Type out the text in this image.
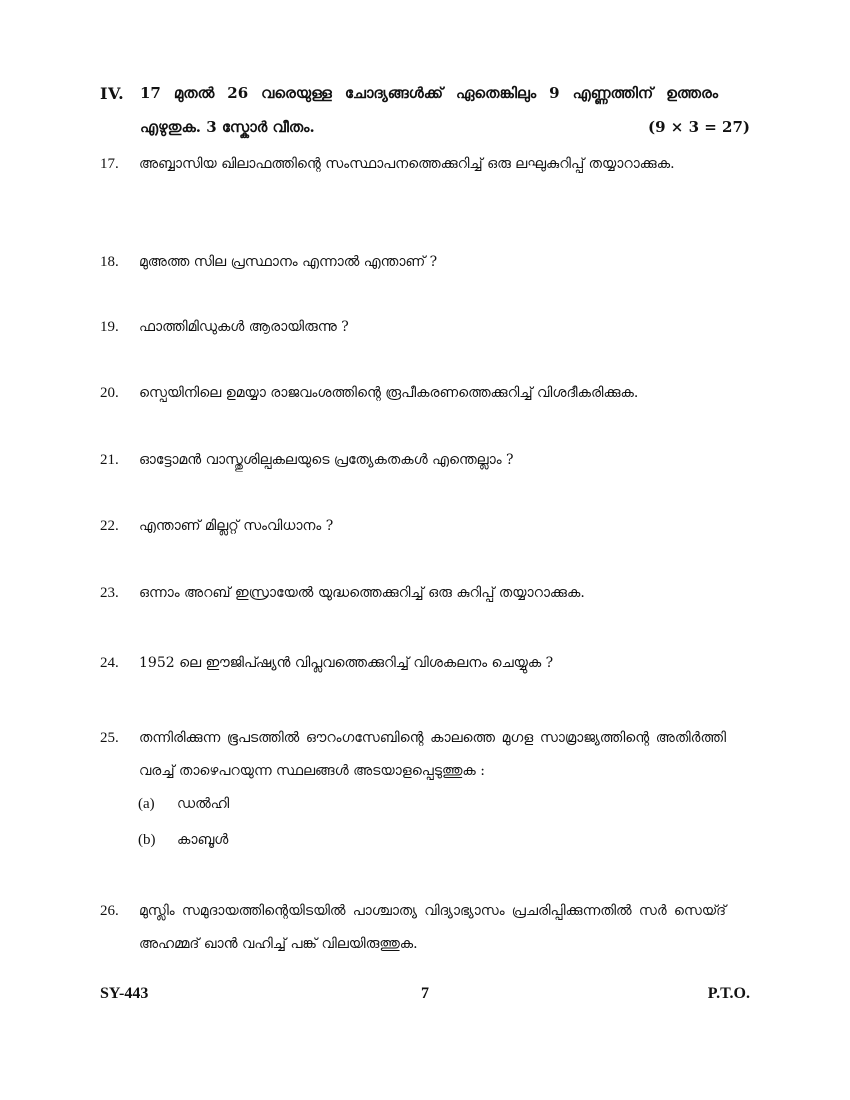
IV. 17 മുതൽ 26 വരെയുള്ള ചോദ്യങ്ങൾക്ക് ഏതെങ്കിലും 9 എണ്ണത്തിന് ഉത്തരം
എഴുതുക. 3 സ്കോർ വീതം.	(9 × 3 = 27)
17. അബ്ബാസിയ ഖിലാഫത്തിന്റെ സംസ്ഥാപനത്തെക്കുറിച്ച് ഒരു ലഘുകുറിപ്പ് തയ്യാറാക്കുക.
18. മുഅത്ത സില പ്രസ്ഥാനം എന്നാൽ എന്താണ് ?
19. ഫാത്തിമിഡുകൾ ആരായിരുന്നു ?
20. സ്പെയിനിലെ ഉമയ്യാ രാജവംശത്തിന്റെ രൂപീകരണത്തെക്കുറിച്ച് വിശദീകരിക്കുക.
21. ഓട്ടോമൻ വാസ്തുശില്പകലയുടെ പ്രത്യേകതകൾ എന്തെല്ലാം ?
22. എന്താണ് മില്ലറ്റ് സംവിധാനം ?
23. ഒന്നാം അറബ് ഇസ്രായേൽ യുദ്ധത്തെക്കുറിച്ച് ഒരു കുറിപ്പ് തയ്യാറാക്കുക.
24. 1952 ലെ ഈജിപ്ഷ്യൻ വിപ്ലവത്തെക്കുറിച്ച് വിശകലനം ചെയ്യുക ?
25. തന്നിരിക്കുന്ന ഭൂപടത്തിൽ ഔറംഗസേബിന്റെ കാലത്തെ മുഗള സാമ്രാജ്യത്തിന്റെ അതിർത്തി വരച്ച് താഴെപറയുന്ന സ്ഥലങ്ങൾ അടയാളപ്പെടുത്തുക :
(a) ഡൽഹി
(b) കാബൂൾ
26. മുസ്ലിം സമുദായത്തിന്റെയിടയിൽ പാശ്ചാത്യ വിദ്യാഭ്യാസം പ്രചരിപ്പിക്കുന്നതിൽ സർ സെയ്ദ് അഹമ്മദ് ഖാൻ വഹിച്ച് പങ്ക് വിലയിരുത്തുക.
SY-443	7	P.T.O.
